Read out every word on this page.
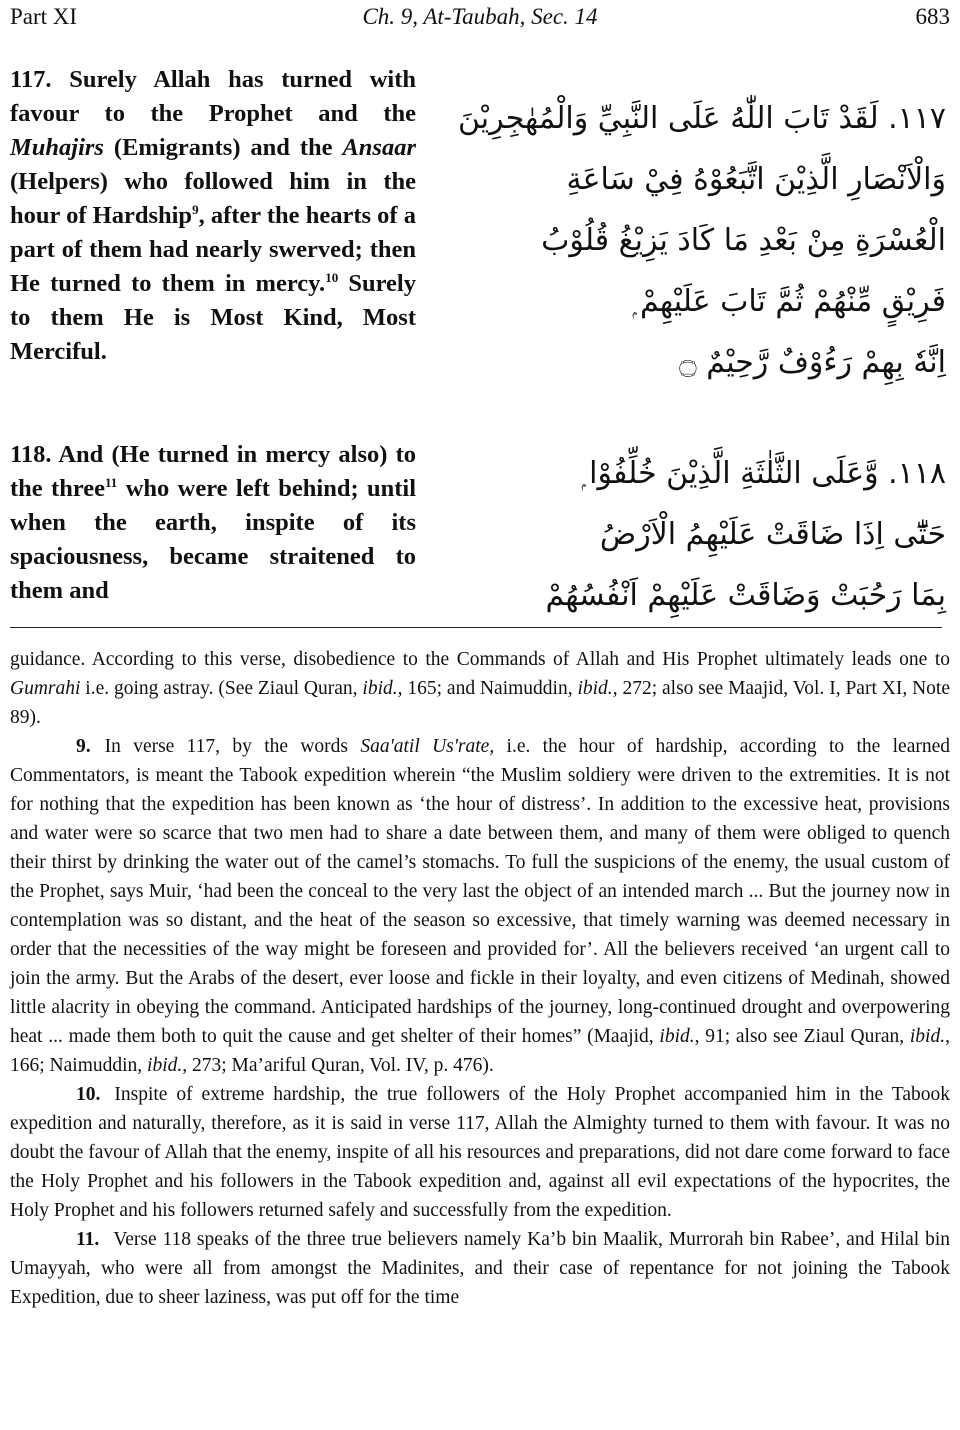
Part XI	Ch. 9, At-Taubah, Sec. 14	683

117. Surely Allah has turned with favour to the Prophet and the Muhajirs (Emigrants) and the Ansaar (Helpers) who followed him in the hour of Hardship$^9$, after the hearts of a part of them had nearly swerved; then He turned to them in mercy.$^{10}$ Surely to them He is Most Kind, Most Merciful.

١١٧. لَقَدْ تَابَ اللّٰهُ عَلَى النَّبِيِّ وَالْمُهٰجِرِيْنَ
وَالْاَنْصَارِ الَّذِيْنَ اتَّبَعُوْهُ فِيْ سَاعَةِ
الْعُسْرَةِ مِنْ بَعْدِ مَا كَادَ يَزِيْغُ قُلُوْبُ
فَرِيْقٍ مِّنْهُمْ ثُمَّ تَابَ عَلَيْهِمْ ۭ
اِنَّهٗ بِهِمْ رَءُوْفٌ رَّحِيْمٌ ۝

118. And (He turned in mercy also) to the three$^{11}$ who were left behind; until when the earth, inspite of its spaciousness, became straitened to them and

١١٨. وَّعَلَى الثَّلٰثَةِ الَّذِيْنَ خُلِّفُوْا ۭ
حَتّٰٓى اِذَا ضَاقَتْ عَلَيْهِمُ الْاَرْضُ
بِمَا رَحُبَتْ وَضَاقَتْ عَلَيْهِمْ اَنْفُسُهُمْ

guidance. According to this verse, disobedience to the Commands of Allah and His Prophet ultimately leads one to Gumrahi i.e. going astray. (See Ziaul Quran, ibid., 165; and Naimuddin, ibid., 272; also see Maajid, Vol. I, Part XI, Note 89).

9. In verse 117, by the words Saa'atil Us'rate, i.e. the hour of hardship, according to the learned Commentators, is meant the Tabook expedition wherein “the Muslim soldiery were driven to the extremities. It is not for nothing that the expedition has been known as ‘the hour of distress’. In addition to the excessive heat, provisions and water were so scarce that two men had to share a date between them, and many of them were obliged to quench their thirst by drinking the water out of the camel’s stomachs. To full the suspicions of the enemy, the usual custom of the Prophet, says Muir, ‘had been the conceal to the very last the object of an intended march ... But the journey now in contemplation was so distant, and the heat of the season so excessive, that timely warning was deemed necessary in order that the necessities of the way might be foreseen and provided for’. All the believers received ‘an urgent call to join the army. But the Arabs of the desert, ever loose and fickle in their loyalty, and even citizens of Medinah, showed little alacrity in obeying the command. Anticipated hardships of the journey, long-continued drought and overpowering heat ... made them both to quit the cause and get shelter of their homes” (Maajid, ibid., 91; also see Ziaul Quran, ibid., 166; Naimuddin, ibid., 273; Ma’ariful Quran, Vol. IV, p. 476).

10. Inspite of extreme hardship, the true followers of the Holy Prophet accompanied him in the Tabook expedition and naturally, therefore, as it is said in verse 117, Allah the Almighty turned to them with favour. It was no doubt the favour of Allah that the enemy, inspite of all his resources and preparations, did not dare come forward to face the Holy Prophet and his followers in the Tabook expedition and, against all evil expectations of the hypocrites, the Holy Prophet and his followers returned safely and successfully from the expedition.

11. Verse 118 speaks of the three true believers namely Ka’b bin Maalik, Murrorah bin Rabee’, and Hilal bin Umayyah, who were all from amongst the Madinites, and their case of repentance for not joining the Tabook Expedition, due to sheer laziness, was put off for the time
